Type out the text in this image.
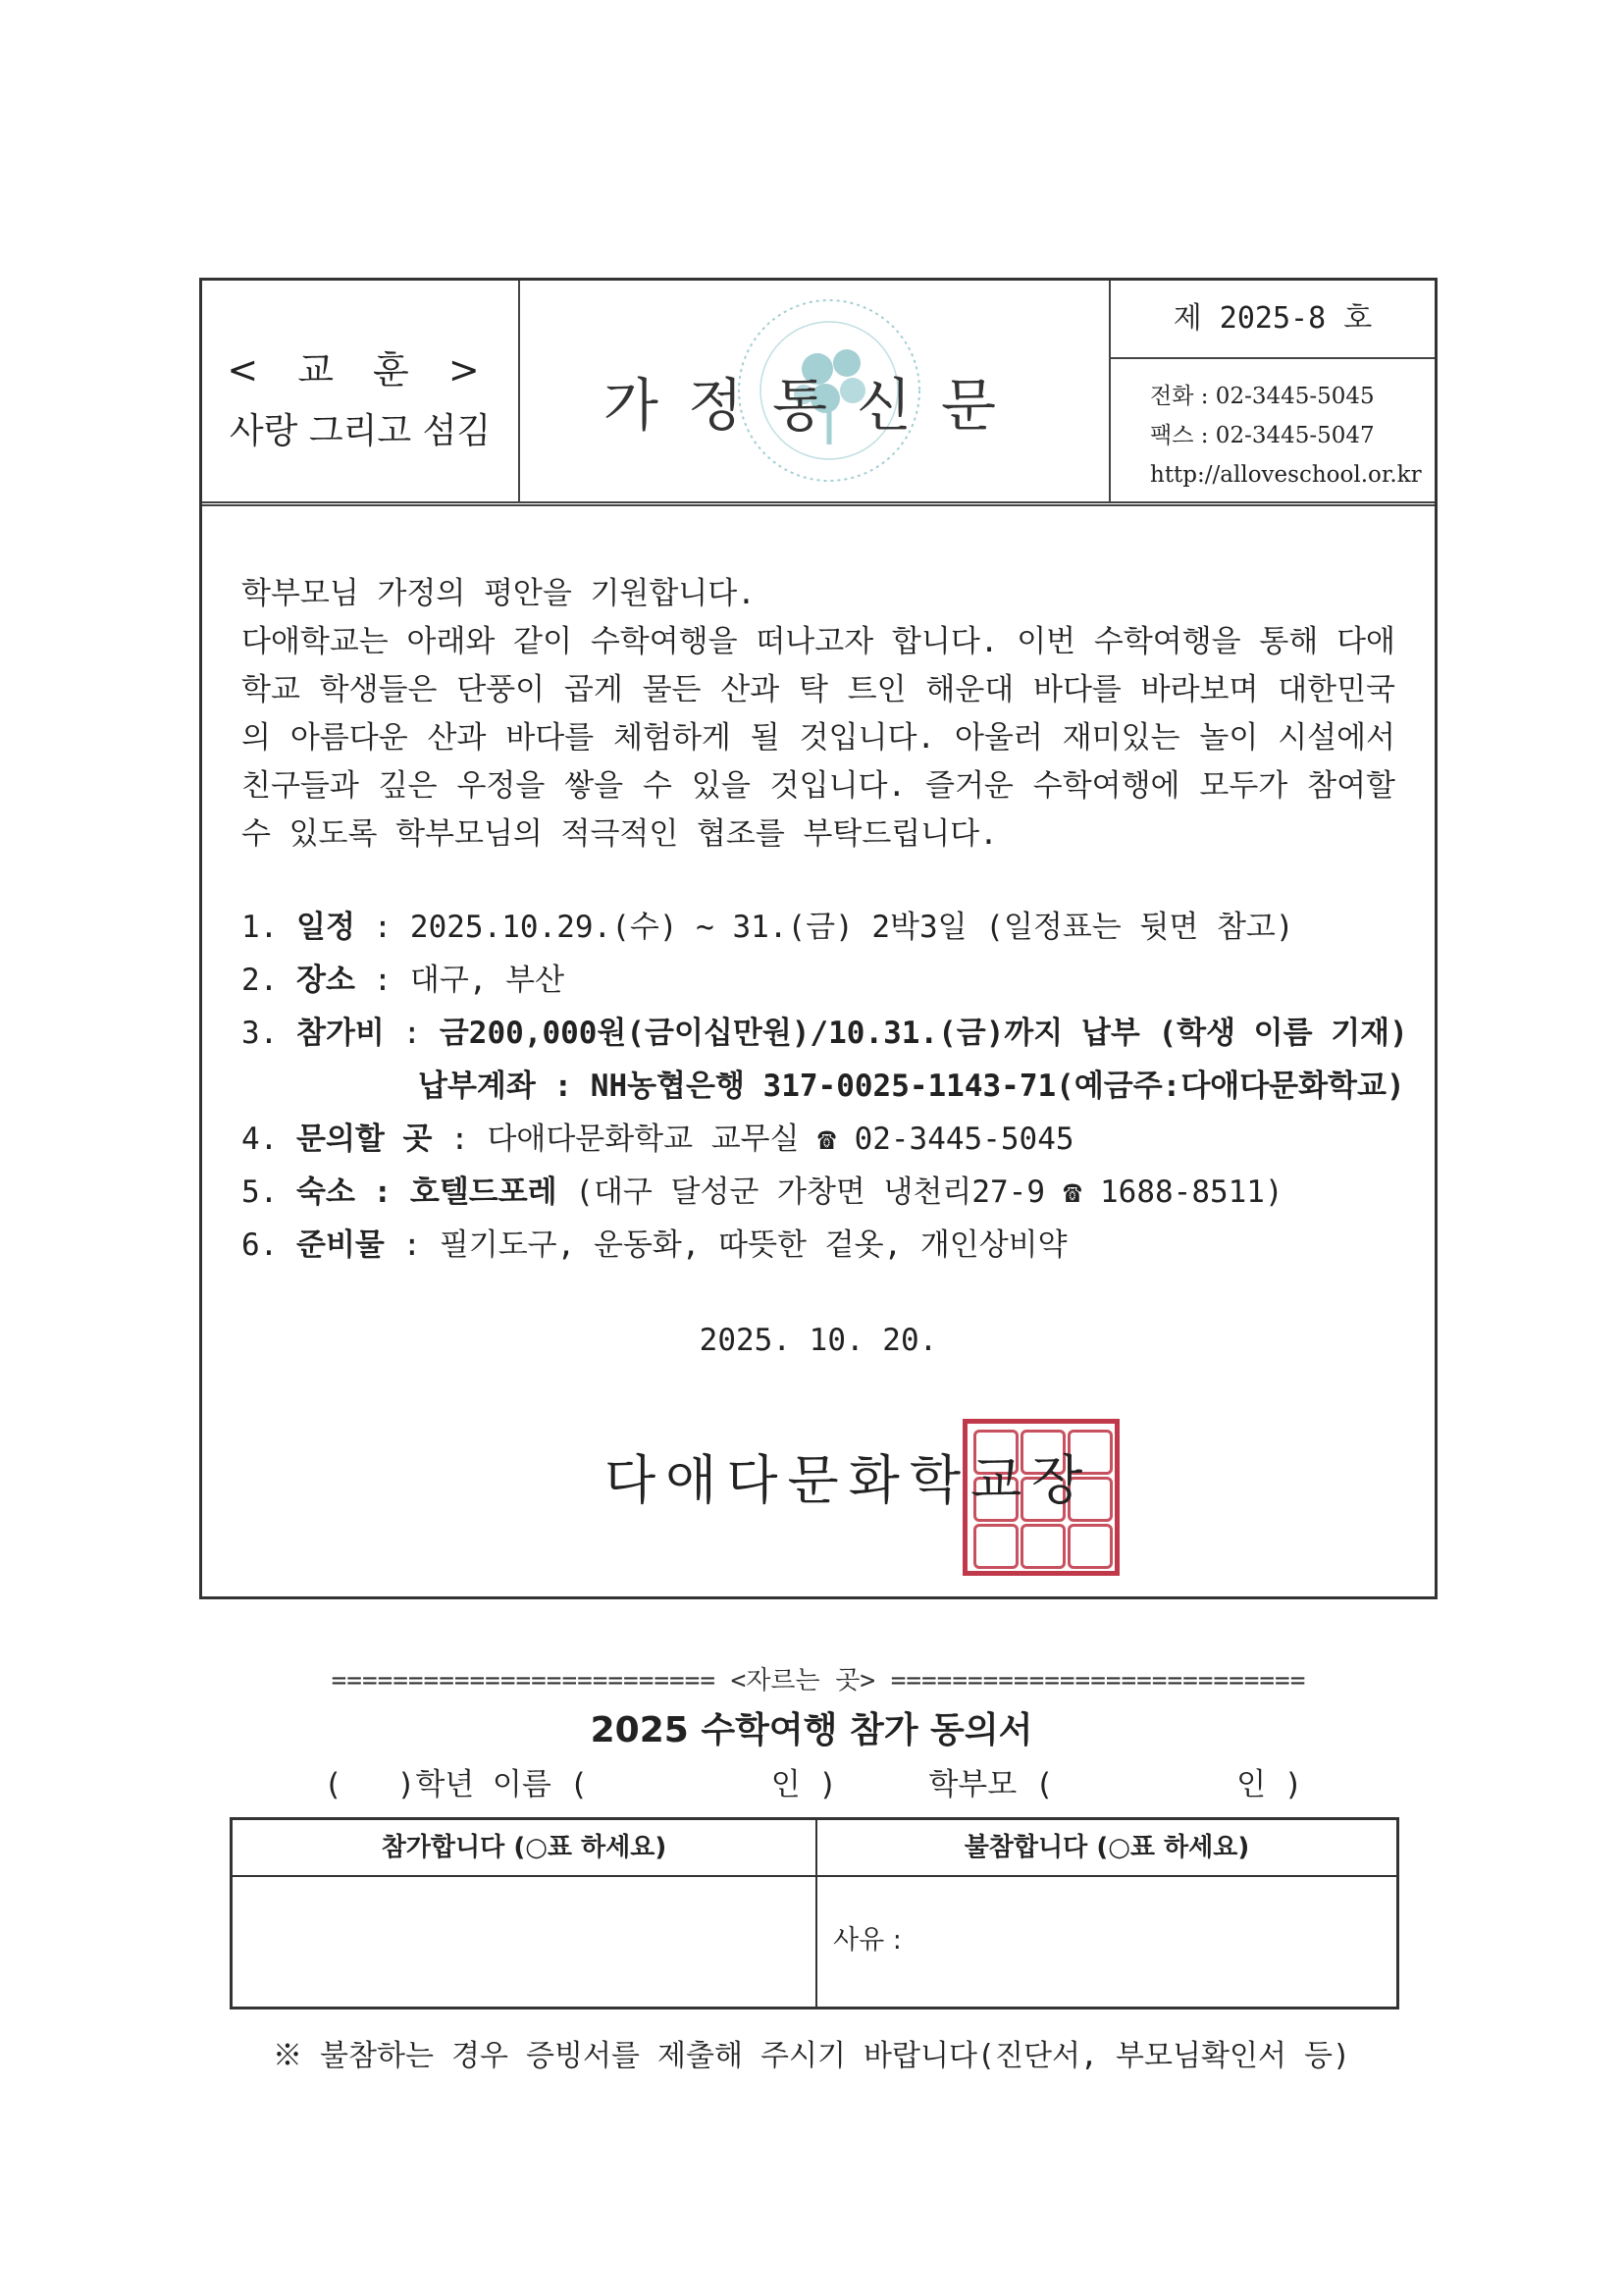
< 교 훈 >
사랑 그리고 섬김	가정통신문
제 2025-8 호
전화 : 02-3445-5045
팩스 : 02-3445-5047
http://alloveschool.or.kr

학부모님 가정의 평안을 기원합니다.

다애학교는 아래와 같이 수학여행을 떠나고자 합니다. 이번 수학여행을 통해 다애학교 학생들은 단풍이 곱게 물든 산과 탁 트인 해운대 바다를 바라보며 대한민국의 아름다운 산과 바다를 체험하게 될 것입니다. 아울러 재미있는 놀이 시설에서 친구들과 깊은 우정을 쌓을 수 있을 것입니다. 즐거운 수학여행에 모두가 참여할 수 있도록 학부모님의 적극적인 협조를 부탁드립니다.

1. 일정 : 2025.10.29.(수) ~ 31.(금) 2박3일 (일정표는 뒷면 참고)
2. 장소 : 대구, 부산
3. 참가비 : 금200,000원(금이십만원)/10.31.(금)까지 납부 (학생 이름 기재)
납부계좌 : NH농협은행 317-0025-1143-71(예금주:다애다문화학교)
4. 문의할 곳 : 다애다문화학교 교무실 ☎ 02-3445-5045
5. 숙소 : 호텔드포레 (대구 달성군 가창면 냉천리27-9 ☎ 1688-8511)
6. 준비물 : 필기도구, 운동화, 따뜻한 겉옷, 개인상비약
2025. 10. 20.
다애다문화학교장
========================= <자르는 곳> ===========================
2025 수학여행 참가 동의서
(   )학년 이름 (          인 )     학부모 (          인 )
참가합니다 (○표 하세요)	불참합니다 (○표 하세요)
사유 :
※ 불참하는 경우 증빙서를 제출해 주시기 바랍니다(진단서, 부모님확인서 등)
